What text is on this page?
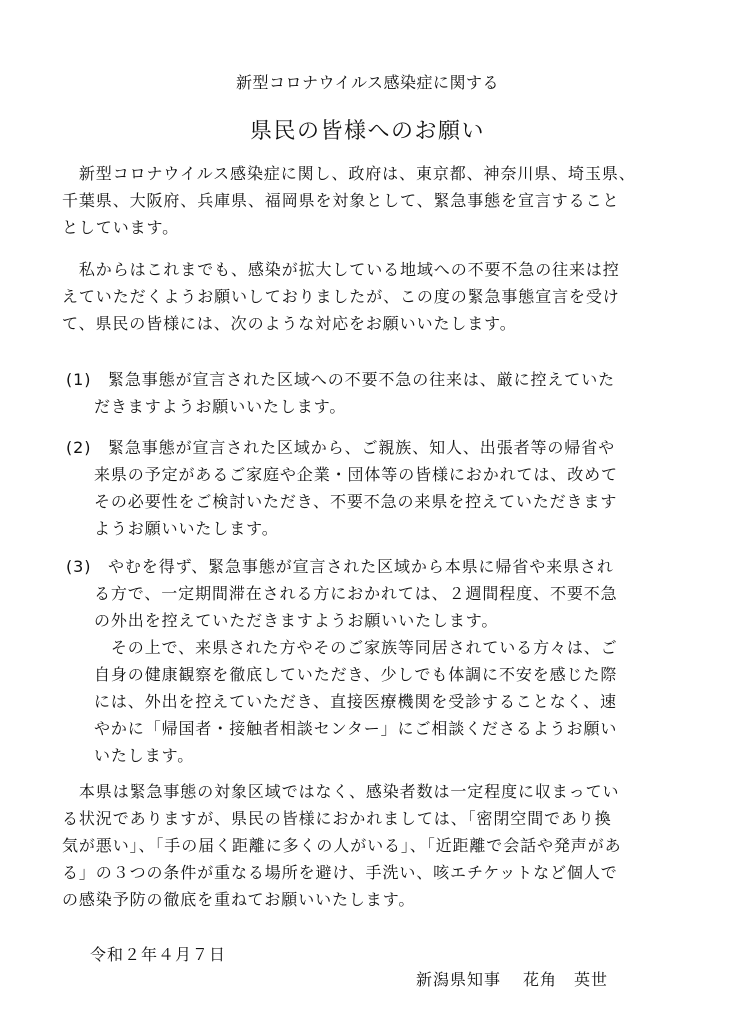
新型コロナウイルス感染症に関する
県民の皆様へのお願い
　新型コロナウイルス感染症に関し、政府は、東京都、神奈川県、埼玉県、
千葉県、大阪府、兵庫県、福岡県を対象として、緊急事態を宣言すること
としています。
　私からはこれまでも、感染が拡大している地域への不要不急の往来は控
えていただくようお願いしておりましたが、この度の緊急事態宣言を受け
て、県民の皆様には、次のような対応をお願いいたします。
(1) 緊急事態が宣言された区域への不要不急の往来は、厳に控えていた
だきますようお願いいたします。
(2) 緊急事態が宣言された区域から、ご親族、知人、出張者等の帰省や
来県の予定があるご家庭や企業・団体等の皆様におかれては、改めて
その必要性をご検討いただき、不要不急の来県を控えていただきます
ようお願いいたします。
(3) やむを得ず、緊急事態が宣言された区域から本県に帰省や来県され
る方で、一定期間滞在される方におかれては、２週間程度、不要不急
の外出を控えていただきますようお願いいたします。
　その上で、来県された方やそのご家族等同居されている方々は、ご
自身の健康観察を徹底していただき、少しでも体調に不安を感じた際
には、外出を控えていただき、直接医療機関を受診することなく、速
やかに「帰国者・接触者相談センター」にご相談くださるようお願い
いたします。
　本県は緊急事態の対象区域ではなく、感染者数は一定程度に収まってい
る状況でありますが、県民の皆様におかれましては、「密閉空間であり換
気が悪い」、「手の届く距離に多くの人がいる」、「近距離で会話や発声があ
る」の３つの条件が重なる場所を避け、手洗い、咳エチケットなど個人で
の感染予防の徹底を重ねてお願いいたします。
令和２年４月７日
新潟県知事 花角　英世
